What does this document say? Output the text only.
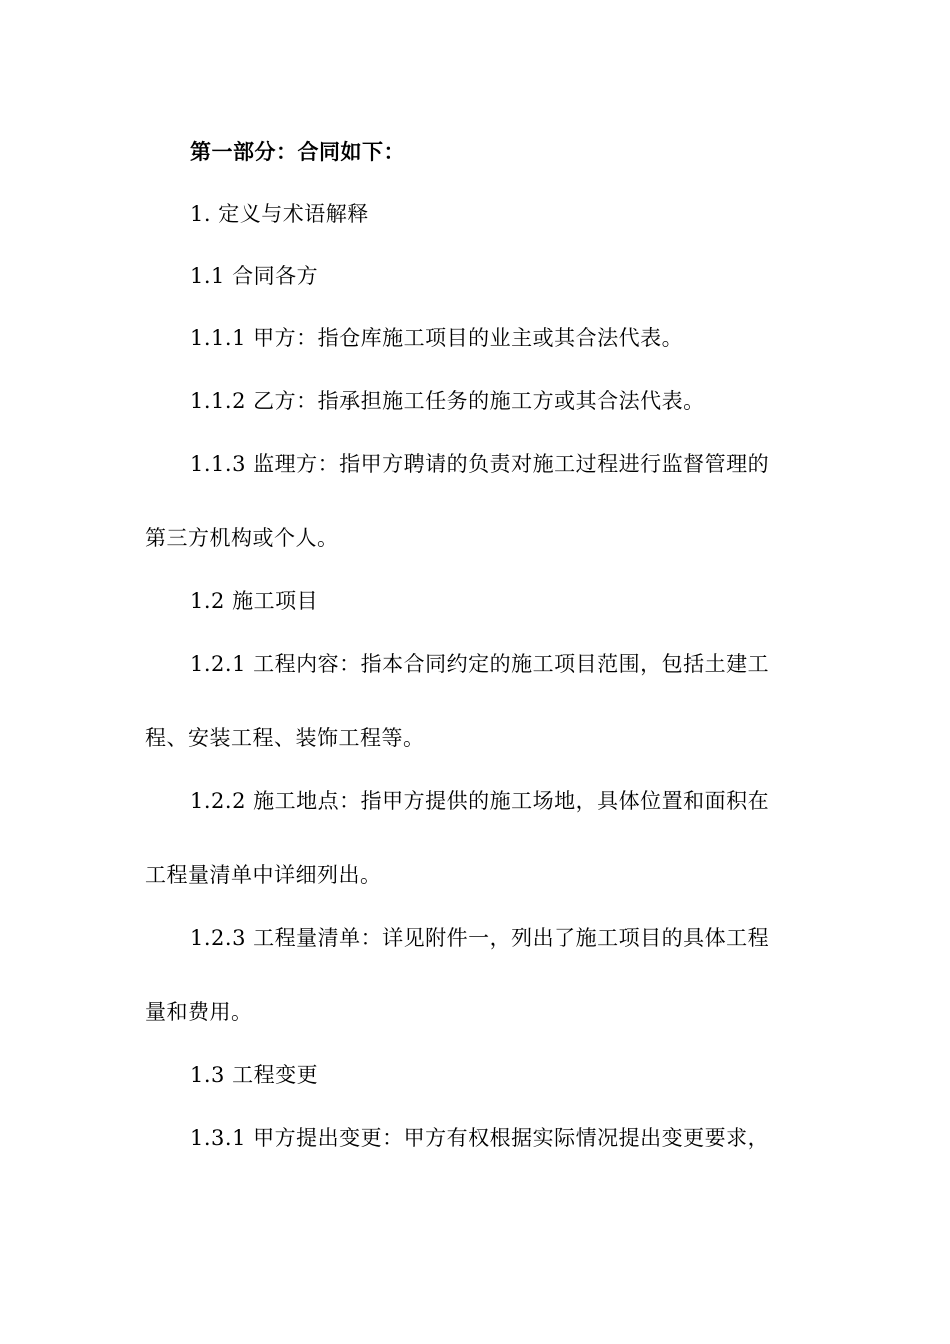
第一部分：合同如下：
1. 定义与术语解释
1.1 合同各方
1.1.1 甲方：指仓库施工项目的业主或其合法代表。
1.1.2 乙方：指承担施工任务的施工方或其合法代表。
1.1.3 监理方：指甲方聘请的负责对施工过程进行监督管理的
第三方机构或个人。
1.2 施工项目
1.2.1 工程内容：指本合同约定的施工项目范围，包括土建工
程、安装工程、装饰工程等。
1.2.2 施工地点：指甲方提供的施工场地，具体位置和面积在
工程量清单中详细列出。
1.2.3 工程量清单：详见附件一，列出了施工项目的具体工程
量和费用。
1.3 工程变更
1.3.1 甲方提出变更：甲方有权根据实际情况提出变更要求，
